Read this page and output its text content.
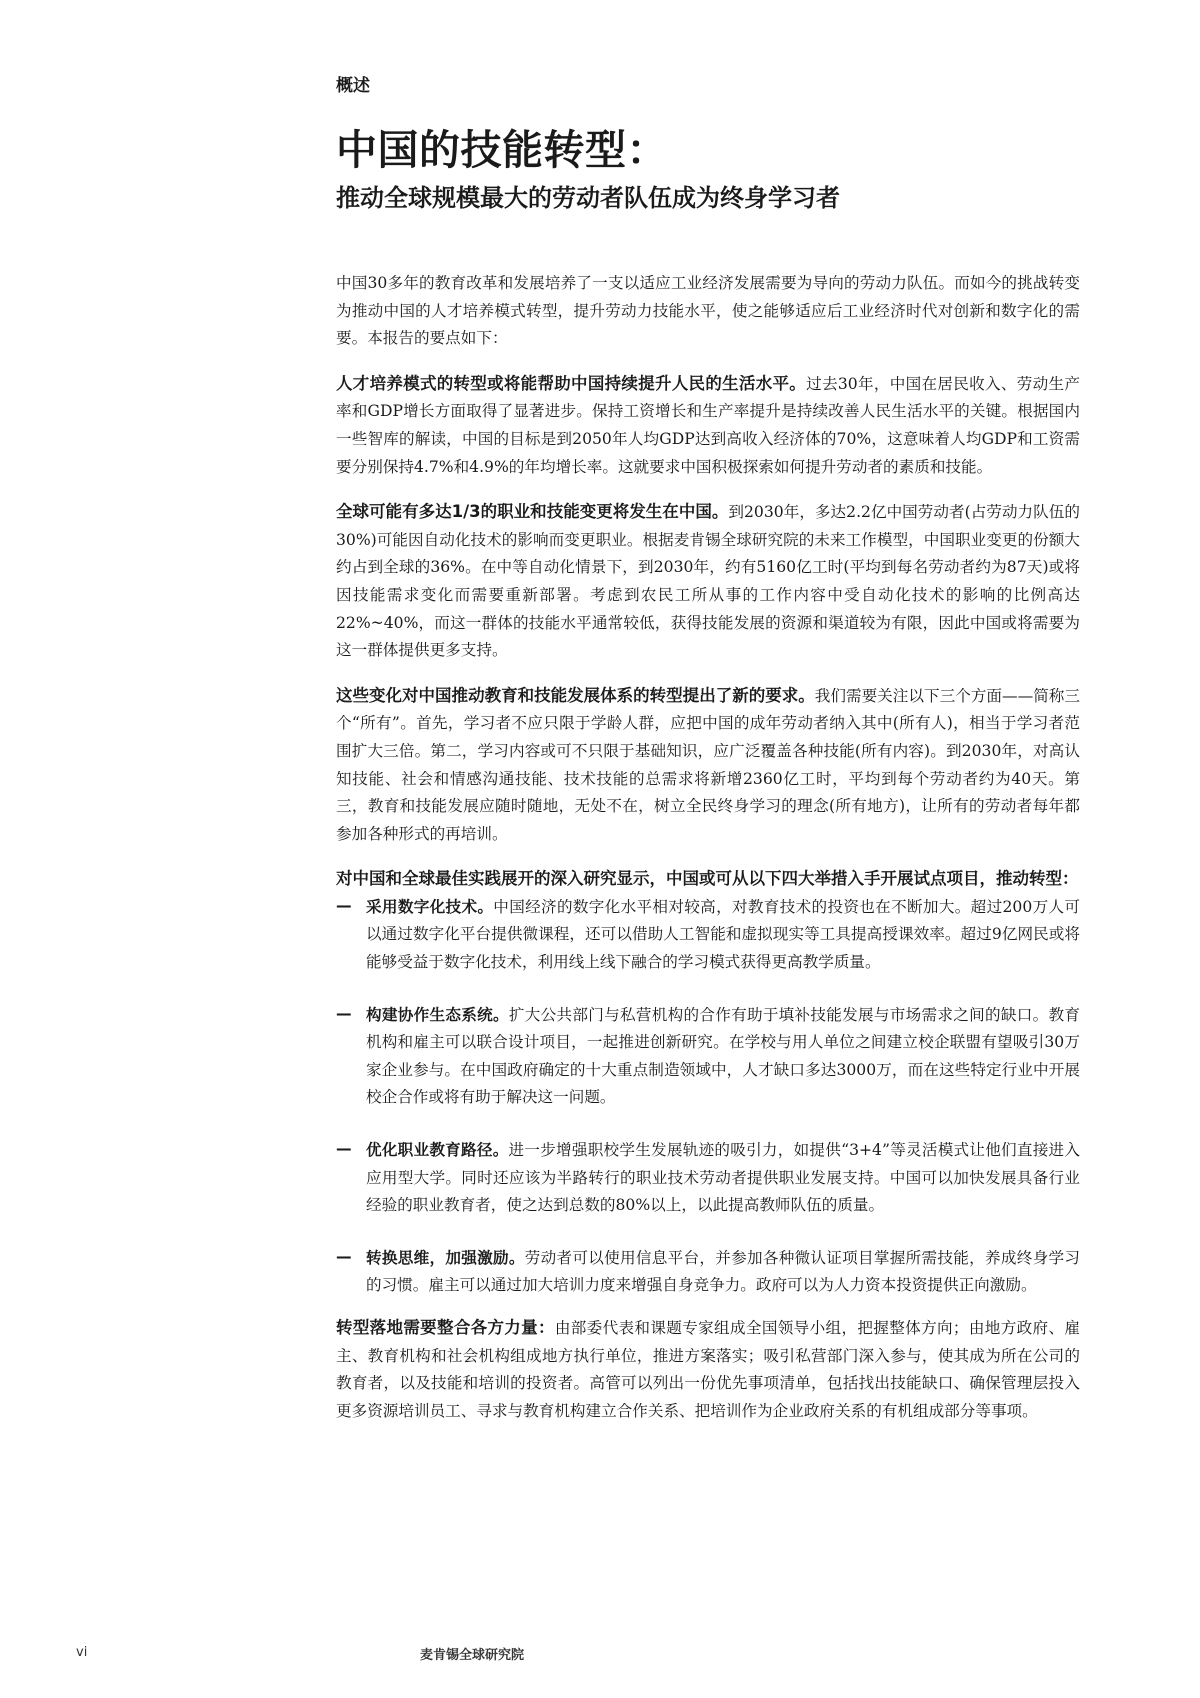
概述

中国的技能转型：
推动全球规模最大的劳动者队伍成为终身学习者

中国30多年的教育改革和发展培养了一支以适应工业经济发展需要为导向的劳动力队伍。而如今的挑战转变为推动中国的人才培养模式转型，提升劳动力技能水平，使之能够适应后工业经济时代对创新和数字化的需要。本报告的要点如下：

人才培养模式的转型或将能帮助中国持续提升人民的生活水平。过去30年，中国在居民收入、劳动生产率和GDP增长方面取得了显著进步。保持工资增长和生产率提升是持续改善人民生活水平的关键。根据国内一些智库的解读，中国的目标是到2050年人均GDP达到高收入经济体的70%，这意味着人均GDP和工资需要分别保持4.7%和4.9%的年均增长率。这就要求中国积极探索如何提升劳动者的素质和技能。

全球可能有多达1/3的职业和技能变更将发生在中国。到2030年，多达2.2亿中国劳动者(占劳动力队伍的30%)可能因自动化技术的影响而变更职业。根据麦肯锡全球研究院的未来工作模型，中国职业变更的份额大约占到全球的36%。在中等自动化情景下，到2030年，约有5160亿工时(平均到每名劳动者约为87天)或将因技能需求变化而需要重新部署。考虑到农民工所从事的工作内容中受自动化技术的影响的比例高达22%~40%，而这一群体的技能水平通常较低，获得技能发展的资源和渠道较为有限，因此中国或将需要为这一群体提供更多支持。

这些变化对中国推动教育和技能发展体系的转型提出了新的要求。我们需要关注以下三个方面——简称三个“所有”。首先，学习者不应只限于学龄人群，应把中国的成年劳动者纳入其中(所有人)，相当于学习者范围扩大三倍。第二，学习内容或可不只限于基础知识，应广泛覆盖各种技能(所有内容)。到2030年，对高认知技能、社会和情感沟通技能、技术技能的总需求将新增2360亿工时，平均到每个劳动者约为40天。第三，教育和技能发展应随时随地，无处不在，树立全民终身学习的理念(所有地方)，让所有的劳动者每年都参加各种形式的再培训。

对中国和全球最佳实践展开的深入研究显示，中国或可从以下四大举措入手开展试点项目，推动转型：

— 采用数字化技术。中国经济的数字化水平相对较高，对教育技术的投资也在不断加大。超过200万人可以通过数字化平台提供微课程，还可以借助人工智能和虚拟现实等工具提高授课效率。超过9亿网民或将能够受益于数字化技术，利用线上线下融合的学习模式获得更高教学质量。
— 构建协作生态系统。扩大公共部门与私营机构的合作有助于填补技能发展与市场需求之间的缺口。教育机构和雇主可以联合设计项目，一起推进创新研究。在学校与用人单位之间建立校企联盟有望吸引30万家企业参与。在中国政府确定的十大重点制造领域中，人才缺口多达3000万，而在这些特定行业中开展校企合作或将有助于解决这一问题。
— 优化职业教育路径。进一步增强职校学生发展轨迹的吸引力，如提供“3+4”等灵活模式让他们直接进入应用型大学。同时还应该为半路转行的职业技术劳动者提供职业发展支持。中国可以加快发展具备行业经验的职业教育者，使之达到总数的80%以上，以此提高教师队伍的质量。
— 转换思维，加强激励。劳动者可以使用信息平台，并参加各种微认证项目掌握所需技能，养成终身学习的习惯。雇主可以通过加大培训力度来增强自身竞争力。政府可以为人力资本投资提供正向激励。

转型落地需要整合各方力量：由部委代表和课题专家组成全国领导小组，把握整体方向；由地方政府、雇主、教育机构和社会机构组成地方执行单位，推进方案落实；吸引私营部门深入参与，使其成为所在公司的教育者，以及技能和培训的投资者。高管可以列出一份优先事项清单，包括找出技能缺口、确保管理层投入更多资源培训员工、寻求与教育机构建立合作关系、把培训作为企业政府关系的有机组成部分等事项。

vi	麦肯锡全球研究院
